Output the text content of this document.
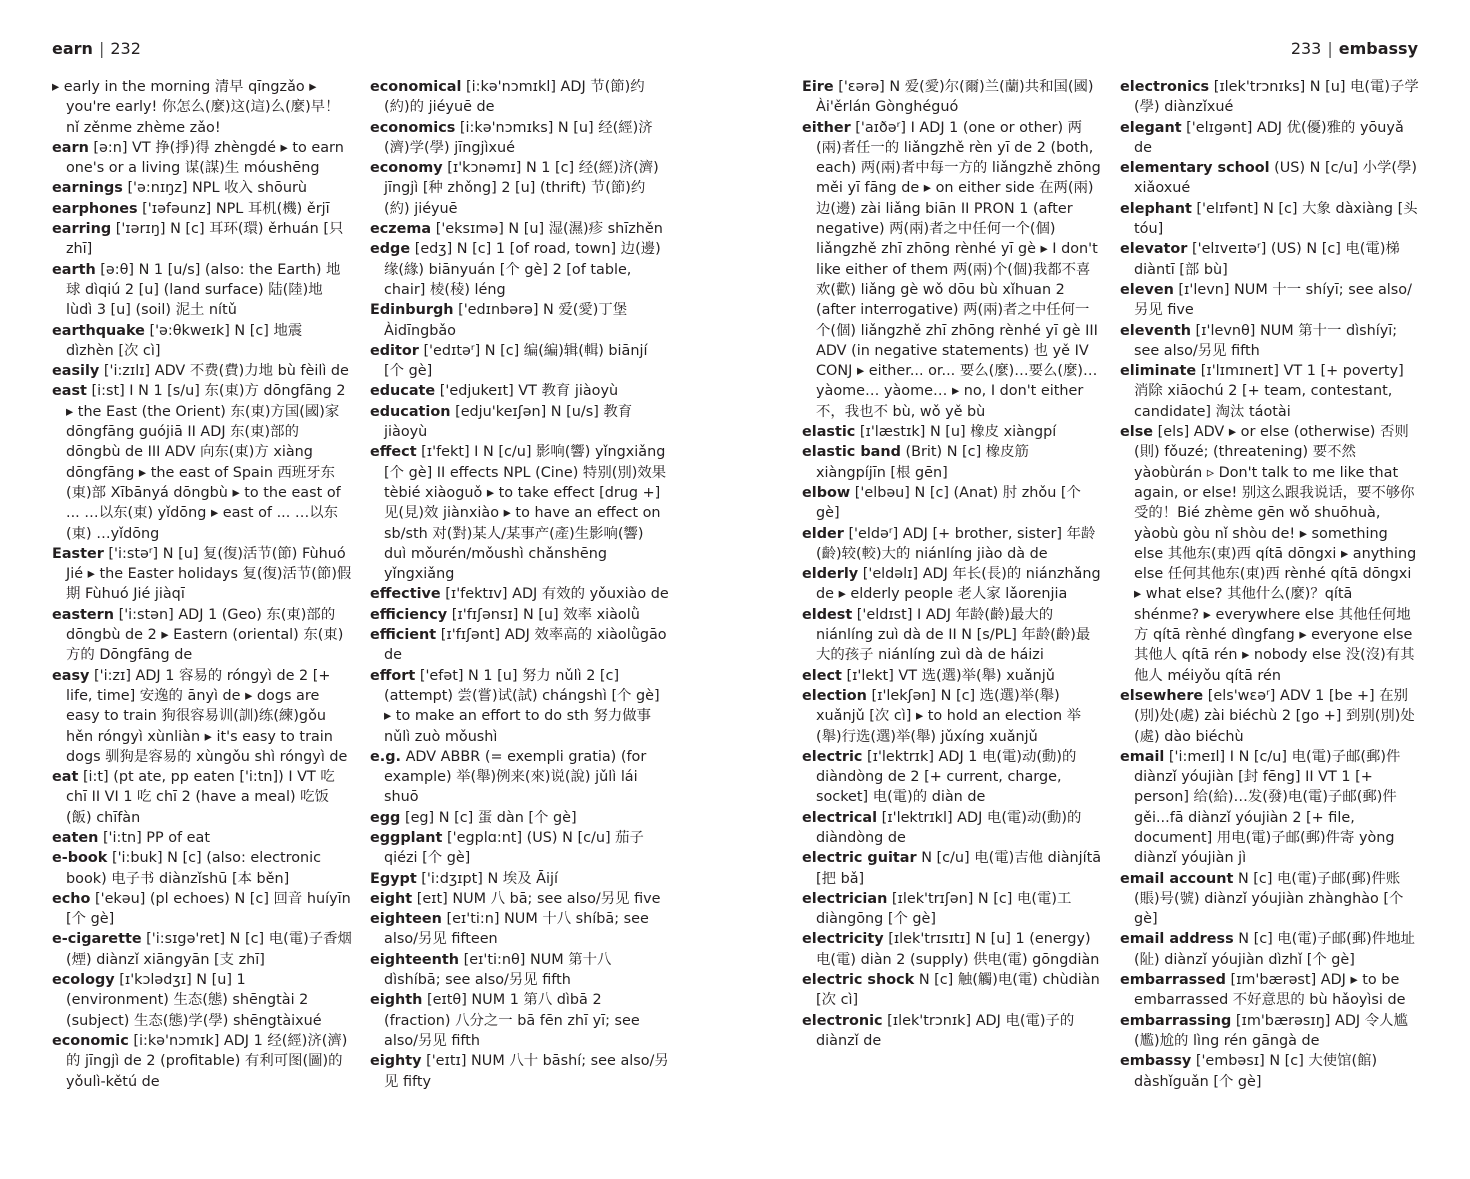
earn | 232

▸ early in the morning 清早 qīngzǎo ▸ you're early! 你怎么(麼)这(這)么(麼)早！nǐ zěnme zhème zǎo!

earn [ə:n] VT 挣(掙)得 zhèngdé ▸ to earn one's or a living 谋(謀)生 móushēng

earnings ['ə:nɪŋz] NPL 收入 shōurù

earphones ['ɪəfəunz] NPL 耳机(機) ěrjī

earring ['ɪərɪŋ] N [c] 耳环(環) ěrhuán [只 zhī]

earth [ə:θ] N 1 [u/s] (also: the Earth) 地球 dìqiú 2 [u] (land surface) 陆(陸)地 lùdì 3 [u] (soil) 泥土 nítǔ

earthquake ['ə:θkweɪk] N [c] 地震 dìzhèn [次 cì]

easily ['i:zɪlɪ] ADV 不费(費)力地 bù fèilì de

east [i:st] I N 1 [s/u] 东(東)方 dōngfāng 2 ▸ the East (the Orient) 东(東)方国(國)家 dōngfāng guójiā II ADJ 东(東)部的 dōngbù de III ADV 向东(東)方 xiàng dōngfāng ▸ the east of Spain 西班牙东(東)部 Xībānyá dōngbù ▸ to the east of ... …以东(東) yǐdōng ▸ east of ... …以东(東) …yǐdōng

Easter ['i:stəʳ] N [u] 复(復)活节(節) Fùhuó Jié ▸ the Easter holidays 复(復)活节(節)假期 Fùhuó Jié jiàqī

eastern ['i:stən] ADJ 1 (Geo) 东(東)部的 dōngbù de 2 ▸ Eastern (oriental) 东(東)方的 Dōngfāng de

easy ['i:zɪ] ADJ 1 容易的 róngyì de 2 [+ life, time] 安逸的 ānyì de ▸ dogs are easy to train 狗很容易训(訓)练(練)gǒu hěn róngyì xùnliàn ▸ it's easy to train dogs 驯狗是容易的 xùngǒu shì róngyì de

eat [i:t] (pt ate, pp eaten ['i:tn]) I VT 吃 chī II VI 1 吃 chī 2 (have a meal) 吃饭(飯) chīfàn

eaten ['i:tn] PP of eat

e-book ['i:buk] N [c] (also: electronic book) 电子书 diànzǐshū [本 běn]

echo ['ekəu] (pl echoes) N [c] 回音 huíyīn [个 gè]

e-cigarette ['i:sɪgə'ret] N [c] 电(電)子香烟(煙) diànzǐ xiāngyān [支 zhī]

ecology [ɪ'kɔlədʒɪ] N [u] 1 (environment) 生态(態) shēngtài 2 (subject) 生态(態)学(學) shēngtàixué

economic [i:kə'nɔmɪk] ADJ 1 经(經)济(濟)的 jīngjì de 2 (profitable) 有利可图(圖)的 yǒulì-kětú de

economical [i:kə'nɔmɪkl] ADJ 节(節)约(約)的 jiéyuē de

economics [i:kə'nɔmɪks] N [u] 经(經)济(濟)学(學) jīngjìxué

economy [ɪ'kɔnəmɪ] N 1 [c] 经(經)济(濟) jīngjì [种 zhǒng] 2 [u] (thrift) 节(節)约(約) jiéyuē

eczema ['eksɪmə] N [u] 湿(濕)疹 shīzhěn

edge [edʒ] N [c] 1 [of road, town] 边(邊)缘(緣) biānyuán [个 gè] 2 [of table, chair] 棱(稜) léng

Edinburgh ['edɪnbərə] N 爱(愛)丁堡 Àidīngbǎo

editor ['edɪtəʳ] N [c] 编(編)辑(輯) biānjí [个 gè]

educate ['edjukeɪt] VT 教育 jiàoyù

education [edju'keɪʃən] N [u/s] 教育 jiàoyù

effect [ɪ'fekt] I N [c/u] 影响(響) yǐngxiǎng [个 gè] II effects NPL (Cine) 特别(別)效果 tèbié xiàoguǒ ▸ to take effect [drug +] 见(見)效 jiànxiào ▸ to have an effect on sb/sth 对(對)某人/某事产(產)生影响(響) duì mǒurén/mǒushì chǎnshēng yǐngxiǎng

effective [ɪ'fektɪv] ADJ 有效的 yǒuxiào de

efficiency [ɪ'fɪʃənsɪ] N [u] 效率 xiàolǜ

efficient [ɪ'fɪʃənt] ADJ 效率高的 xiàolǜgāo de

effort ['efət] N 1 [u] 努力 nǔlì 2 [c] (attempt) 尝(嘗)试(試) chángshì [个 gè] ▸ to make an effort to do sth 努力做事 nǔlì zuò mǒushì

e.g. ADV ABBR (= exempli gratia) (for example) 举(舉)例来(來)说(說) jǔlì lái shuō

egg [eg] N [c] 蛋 dàn [个 gè]

eggplant ['egplɑ:nt] (US) N [c/u] 茄子 qiézi [个 gè]

Egypt ['i:dʒɪpt] N 埃及 Āijí

eight [eɪt] NUM 八 bā; see also/另见 five

eighteen [eɪ'ti:n] NUM 十八 shíbā; see also/另见 fifteen

eighteenth [eɪ'ti:nθ] NUM 第十八 dìshíbā; see also/另见 fifth

eighth [eɪtθ] NUM 1 第八 dìbā 2 (fraction) 八分之一 bā fēn zhī yī; see also/另见 fifth

eighty ['eɪtɪ] NUM 八十 bāshí; see also/另见 fifty

233 | embassy

Eire ['ɛərə] N 爱(愛)尔(爾)兰(蘭)共和国(國) Ài'ěrlán Gònghéguó

either ['aɪðəʳ] I ADJ 1 (one or other) 两(兩)者任一的 liǎngzhě rèn yī de 2 (both, each) 两(兩)者中每一方的 liǎngzhě zhōng měi yī fāng de ▸ on either side 在两(兩)边(邊) zài liǎng biān II PRON 1 (after negative) 两(兩)者之中任何一个(個) liǎngzhě zhī zhōng rènhé yī gè ▸ I don't like either of them 两(兩)个(個)我都不喜欢(歡) liǎng gè wǒ dōu bù xǐhuan 2 (after interrogative) 两(兩)者之中任何一个(個) liǎngzhě zhī zhōng rènhé yī gè III ADV (in negative statements) 也 yě IV CONJ ▸ either... or... 要么(麼)…要么(麼)… yàome… yàome… ▸ no, I don't either 不，我也不 bù, wǒ yě bù

elastic [ɪ'læstɪk] N [u] 橡皮 xiàngpí

elastic band (Brit) N [c] 橡皮筋 xiàngpíjīn [根 gēn]

elbow ['elbəu] N [c] (Anat) 肘 zhǒu [个 gè]

elder ['eldəʳ] ADJ [+ brother, sister] 年龄(齡)较(較)大的 niánlíng jiào dà de

elderly ['eldəlɪ] ADJ 年长(長)的 niánzhǎng de ▸ elderly people 老人家 lǎorenjia

eldest ['eldɪst] I ADJ 年龄(齡)最大的 niánlíng zuì dà de II N [s/PL] 年龄(齡)最大的孩子 niánlíng zuì dà de háizi

elect [ɪ'lekt] VT 选(選)举(舉) xuǎnjǔ

election [ɪ'lekʃən] N [c] 选(選)举(舉) xuǎnjǔ [次 cì] ▸ to hold an election 举(舉)行选(選)举(舉) jǔxíng xuǎnjǔ

electric [ɪ'lektrɪk] ADJ 1 电(電)动(動)的 diàndòng de 2 [+ current, charge, socket] 电(電)的 diàn de

electrical [ɪ'lektrɪkl] ADJ 电(電)动(動)的 diàndòng de

electric guitar N [c/u] 电(電)吉他 diànjítā [把 bǎ]

electrician [ɪlek'trɪʃən] N [c] 电(電)工 diàngōng [个 gè]

electricity [ɪlek'trɪsɪtɪ] N [u] 1 (energy) 电(電) diàn 2 (supply) 供电(電) gōngdiàn

electric shock N [c] 触(觸)电(電) chùdiàn [次 cì]

electronic [ɪlek'trɔnɪk] ADJ 电(電)子的 diànzǐ de

electronics [ɪlek'trɔnɪks] N [u] 电(電)子学(學) diànzǐxué

elegant ['elɪgənt] ADJ 优(優)雅的 yōuyǎ de

elementary school (US) N [c/u] 小学(學) xiǎoxué

elephant ['elɪfənt] N [c] 大象 dàxiàng [头 tóu]

elevator ['elɪveɪtəʳ] (US) N [c] 电(電)梯 diàntī [部 bù]

eleven [ɪ'levn] NUM 十一 shíyī; see also/另见 five

eleventh [ɪ'levnθ] NUM 第十一 dìshíyī; see also/另见 fifth

eliminate [ɪ'lɪmɪneɪt] VT 1 [+ poverty] 消除 xiāochú 2 [+ team, contestant, candidate] 淘汰 táotài

else [els] ADV ▸ or else (otherwise) 否则(則) fǒuzé; (threatening) 要不然 yàobùrán ▹ Don't talk to me like that again, or else! 别这么跟我说话，要不够你受的！Bié zhème gēn wǒ shuōhuà, yàobù gòu nǐ shòu de! ▸ something else 其他东(東)西 qítā dōngxi ▸ anything else 任何其他东(東)西 rènhé qítā dōngxi ▸ what else? 其他什么(麼)？qítā shénme? ▸ everywhere else 其他任何地方 qítā rènhé dìngfang ▸ everyone else 其他人 qítā rén ▸ nobody else 没(沒)有其他人 méiyǒu qítā rén

elsewhere [els'wɛəʳ] ADV 1 [be +] 在别(別)处(處) zài biéchù 2 [go +] 到别(別)处(處) dào biéchù

email ['i:meɪl] I N [c/u] 电(電)子邮(郵)件 diànzǐ yóujiàn [封 fēng] II VT 1 [+ person] 给(給)…发(發)电(電)子邮(郵)件 gěi...fā diànzǐ yóujiàn 2 [+ file, document] 用电(電)子邮(郵)件寄 yòng diànzǐ yóujiàn jì

email account N [c] 电(電)子邮(郵)件账(賬)号(號) diànzǐ yóujiàn zhànghào [个 gè]

email address N [c] 电(電)子邮(郵)件地址(阯) diànzǐ yóujiàn dìzhǐ [个 gè]

embarrassed [ɪm'bærəst] ADJ ▸ to be embarrassed 不好意思的 bù hǎoyìsi de

embarrassing [ɪm'bærəsɪŋ] ADJ 令人尴(尷)尬的 lìng rén gāngà de

embassy ['embəsɪ] N [c] 大使馆(館) dàshǐguǎn [个 gè]
